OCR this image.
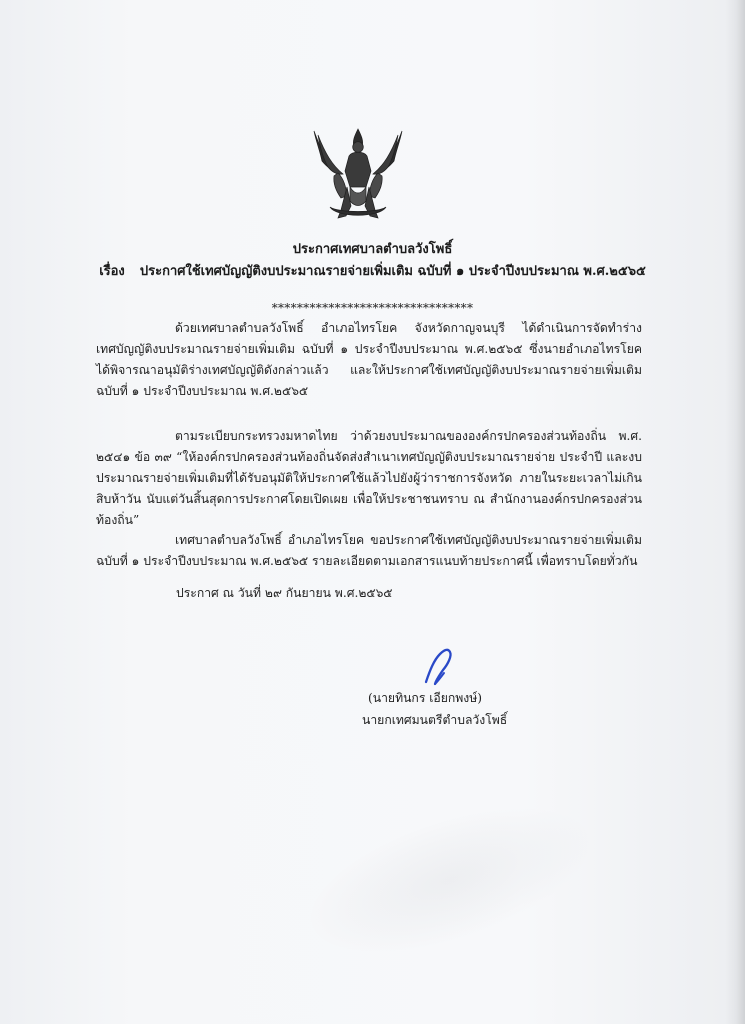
ประกาศเทศบาลตำบลวังโพธิ์
เรื่อง ประกาศใช้เทศบัญญัติงบประมาณรายจ่ายเพิ่มเติม ฉบับที่ ๑ ประจำปีงบประมาณ พ.ศ.๒๕๖๕
********************************
ด้วยเทศบาลตำบลวังโพธิ์ อำเภอไทรโยค จังหวัดกาญจนบุรี ได้ดำเนินการจัดทำร่างเทศบัญญัติงบประมาณรายจ่ายเพิ่มเติม ฉบับที่ ๑ ประจำปีงบประมาณ พ.ศ.๒๕๖๕ ซึ่งนายอำเภอไทรโยค ได้พิจารณาอนุมัติร่างเทศบัญญัติดังกล่าวแล้ว และให้ประกาศใช้เทศบัญญัติงบประมาณรายจ่ายเพิ่มเติม ฉบับที่ ๑ ประจำปีงบประมาณ พ.ศ.๒๕๖๕
ตามระเบียบกระทรวงมหาดไทย ว่าด้วยงบประมาณขององค์กรปกครองส่วนท้องถิ่น พ.ศ. ๒๕๔๑ ข้อ ๓๙ “ให้องค์กรปกครองส่วนท้องถิ่นจัดส่งสำเนาเทศบัญญัติงบประมาณรายจ่าย ประจำปี และงบประมาณรายจ่ายเพิ่มเติมที่ได้รับอนุมัติให้ประกาศใช้แล้วไปยังผู้ว่าราชการจังหวัด ภายในระยะเวลาไม่เกินสิบห้าวัน นับแต่วันสิ้นสุดการประกาศโดยเปิดเผย เพื่อให้ประชาชนทราบ ณ สำนักงานองค์กรปกครองส่วนท้องถิ่น”
เทศบาลตำบลวังโพธิ์ อำเภอไทรโยค ขอประกาศใช้เทศบัญญัติงบประมาณรายจ่ายเพิ่มเติม ฉบับที่ ๑ ประจำปีงบประมาณ พ.ศ.๒๕๖๕ รายละเอียดตามเอกสารแนบท้ายประกาศนี้ เพื่อทราบโดยทั่วกัน
ประกาศ ณ วันที่ ๒๙ กันยายน พ.ศ.๒๕๖๕
(นายทินกร เอียกพงษ์)
นายกเทศมนตรีตำบลวังโพธิ์
